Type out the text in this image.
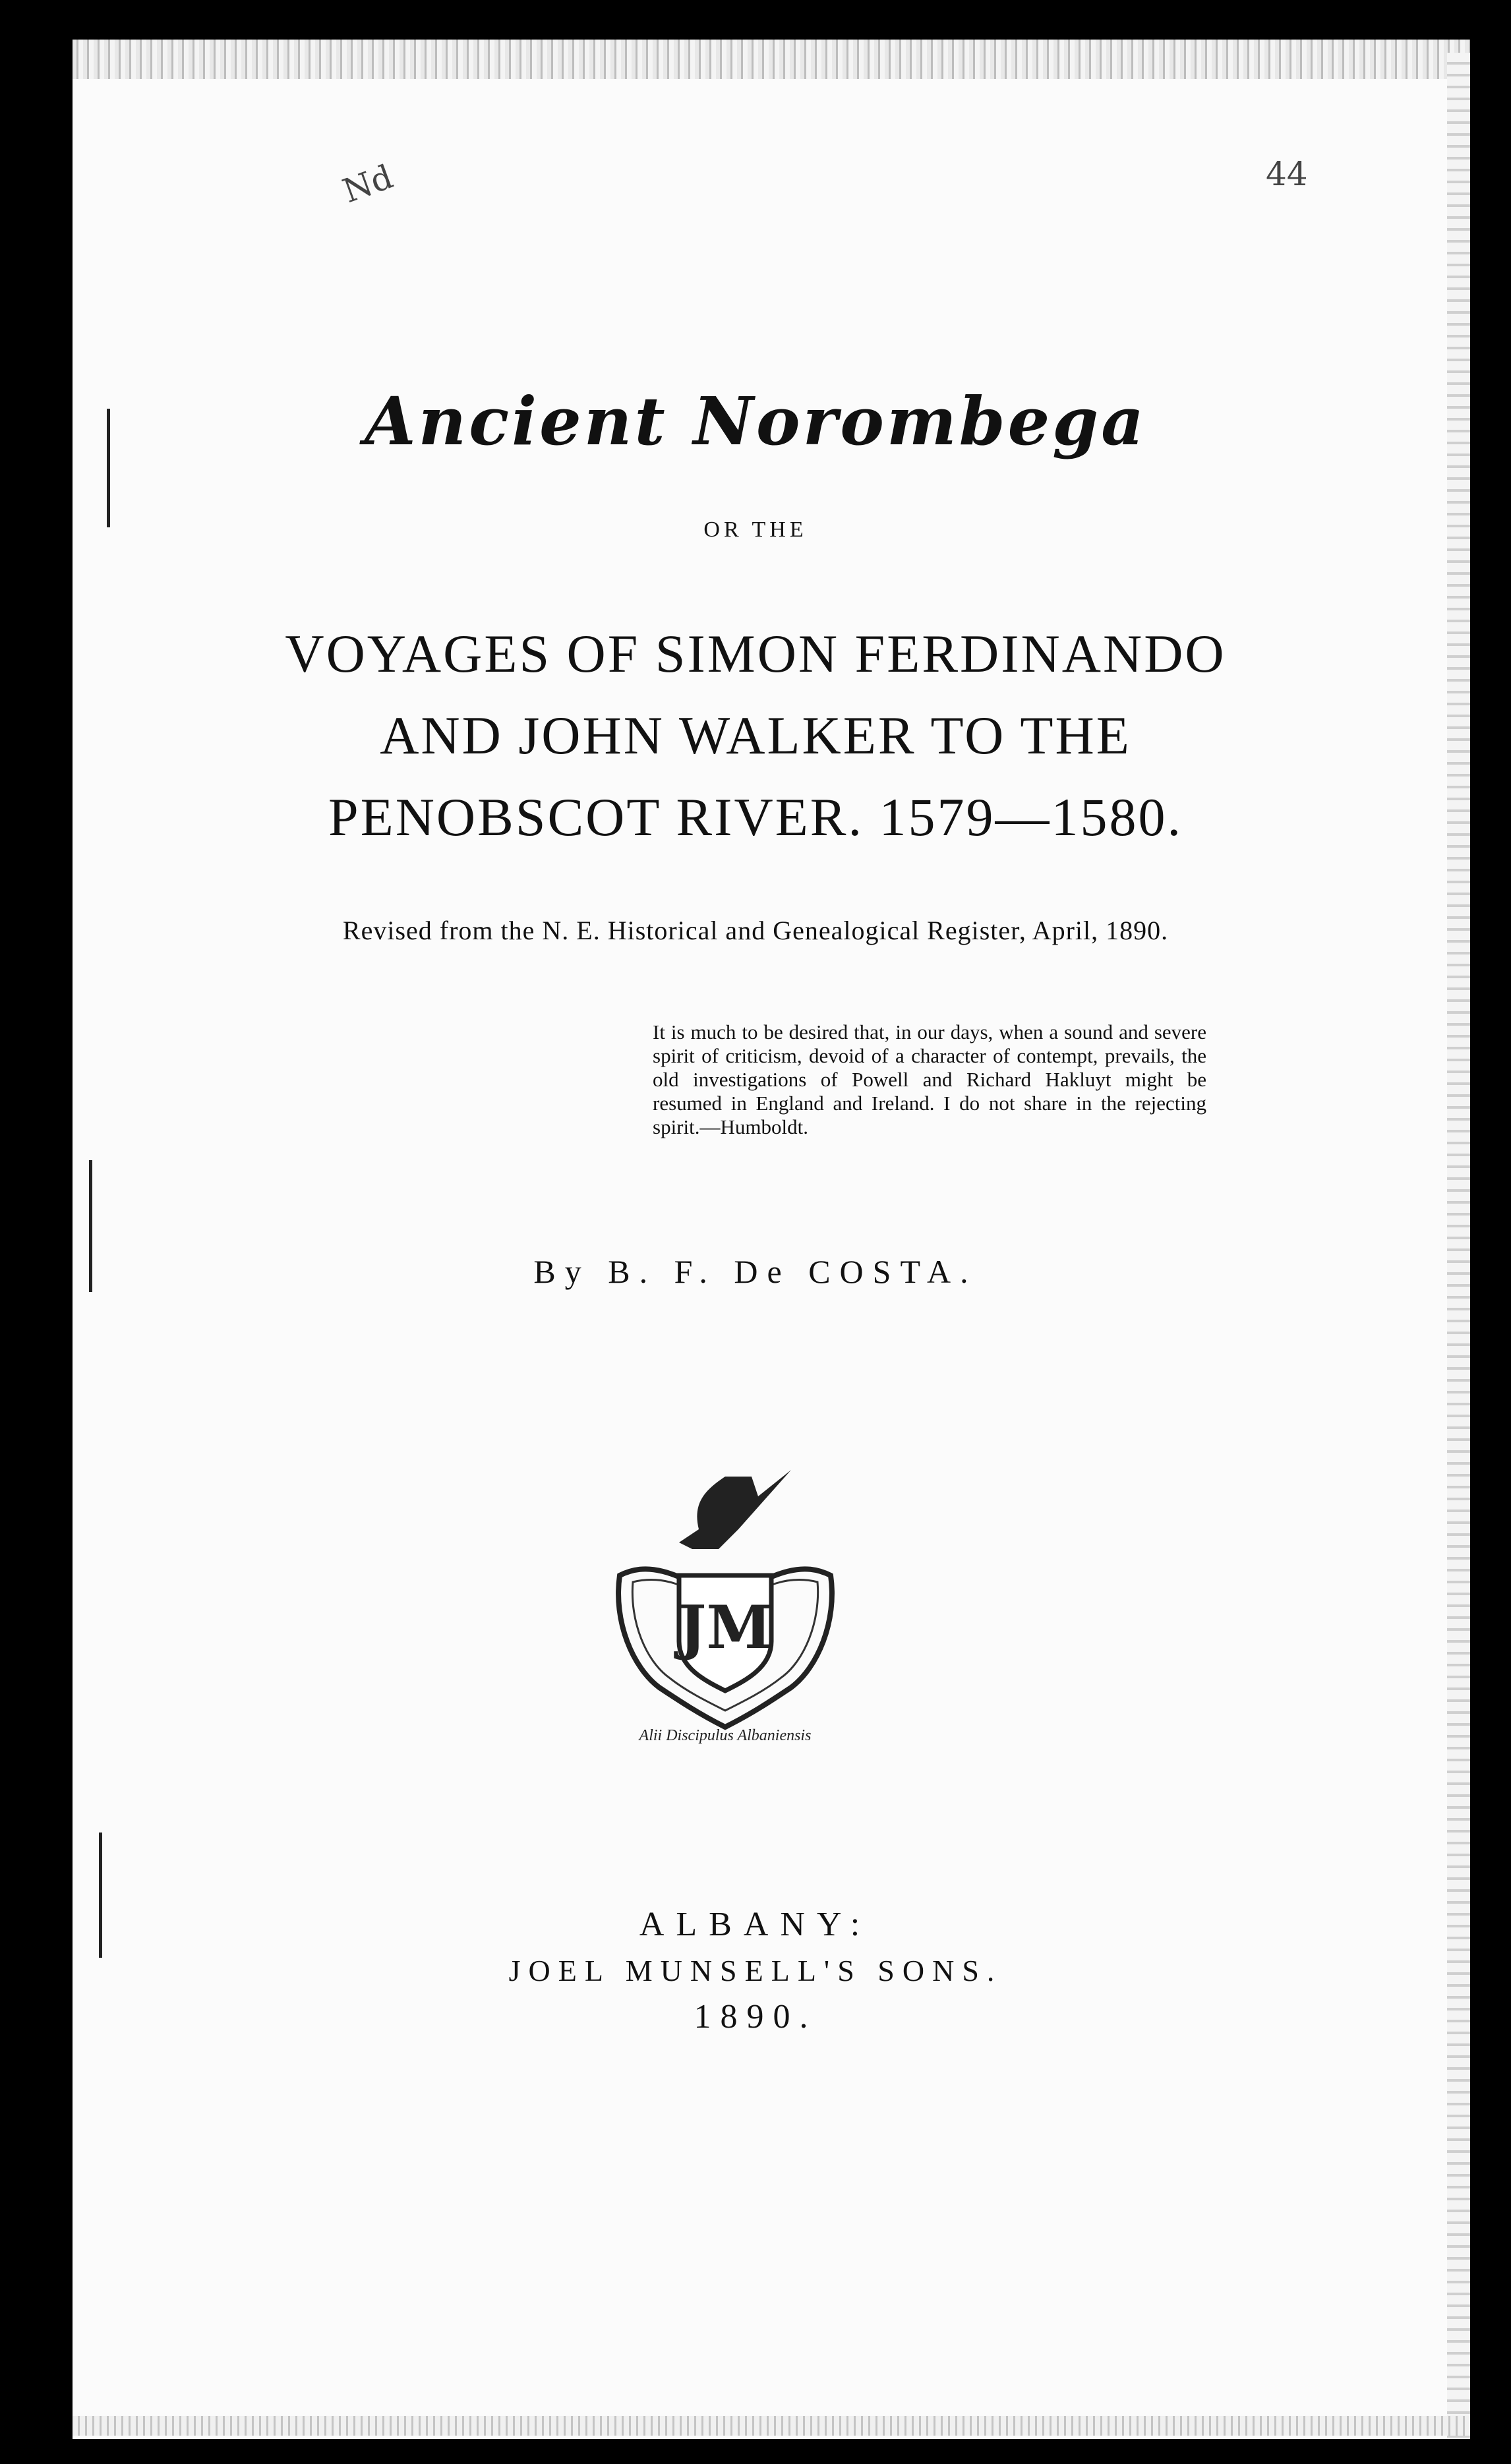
Nd	44
Ancient Norombega
OR THE
VOYAGES OF SIMON FERDINANDO
AND JOHN WALKER TO THE
PENOBSCOT RIVER. 1579—1580.
Revised from the N. E. Historical and Genealogical Register, April, 1890.
It is much to be desired that, in our days, when a sound and severe spirit of criticism, devoid of a character of contempt, prevails, the old investigations of Powell and Richard Hakluyt might be resumed in England and Ireland. I do not share in the rejecting spirit.—Humboldt.
By B. F. De COSTA.
JM
Alii Discipulus Albaniensis
ALBANY:
JOEL MUNSELL'S SONS.
1890.
